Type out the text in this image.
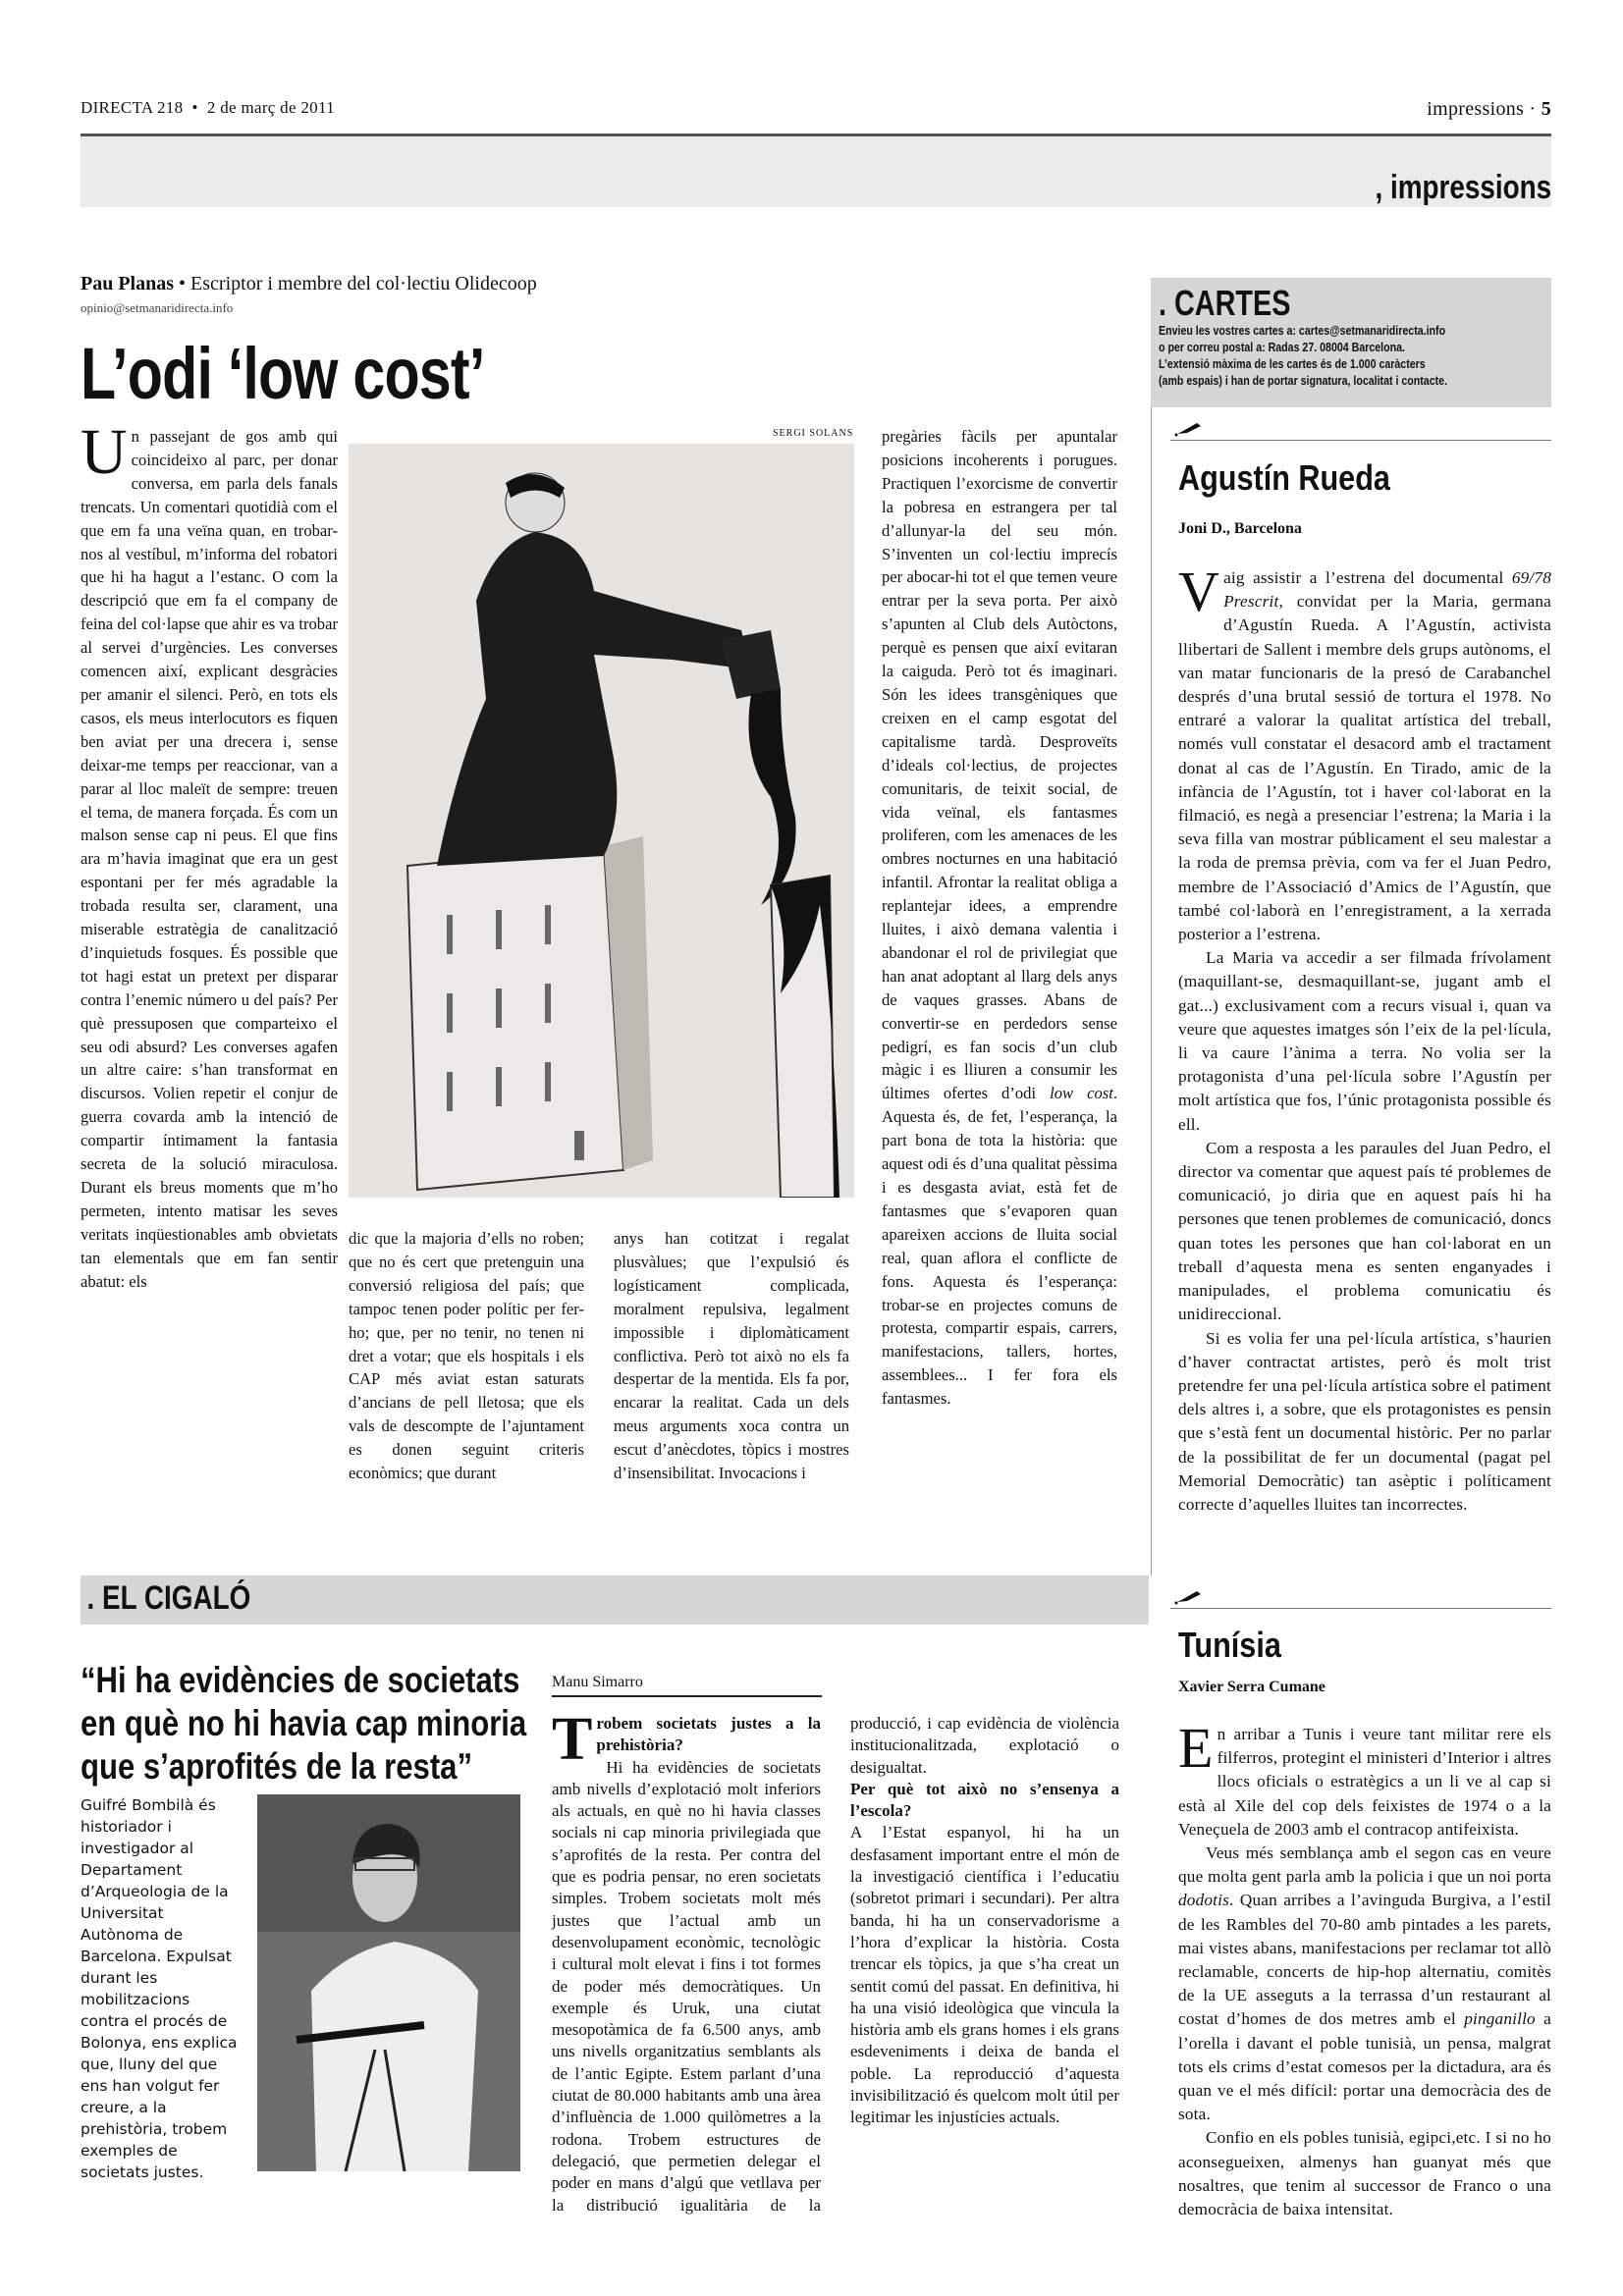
DIRECTA 218 • 2 de març de 2011	impressions · 5
, impressions
Pau Planas • Escriptor i membre del col·lectiu Olidecoop
opinio@setmanaridirecta.info
L’odi ‘low cost’

Un passejant de gos amb qui coincideixo al parc, per donar conversa, em parla dels fanals trencats. Un comentari quotidià com el que em fa una veïna quan, en trobar-nos al vestíbul, m’informa del robatori que hi ha hagut a l’estanc. O com la descripció que em fa el company de feina del col·lapse que ahir es va trobar al servei d’urgències. Les converses comencen així, explicant desgràcies per amanir el silenci. Però, en tots els casos, els meus interlocutors es fiquen ben aviat per una drecera i, sense deixar-me temps per reaccionar, van a parar al lloc maleït de sempre: treuen el tema, de manera forçada. És com un malson sense cap ni peus. El que fins ara m’havia imaginat que era un gest espontani per fer més agradable la trobada resulta ser, clarament, una miserable estratègia de canalització d’inquietuds fosques. És possible que tot hagi estat un pretext per disparar contra l’enemic número u del país? Per què pressuposen que comparteixo el seu odi absurd? Les converses agafen un altre caire: s’han transformat en discursos. Volien repetir el conjur de guerra covarda amb la intenció de compartir íntimament la fantasia secreta de la solució miraculosa. Durant els breus moments que m’ho permeten, intento matisar les seves veritats inqüestionables amb obvietats tan elementals que em fan sentir abatut: els

SERGI SOLANS
dic que la majoria d’ells no roben; que no és cert que pretenguin una conversió religiosa del país; que tampoc tenen poder polític per fer-ho; que, per no tenir, no tenen ni dret a votar; que els hospitals i els CAP més aviat estan saturats d’ancians de pell lletosa; que els vals de descompte de l’ajuntament es donen seguint criteris econòmics; que durant
anys han cotitzat i regalat plusvàlues; que l’expulsió és logísticament complicada, moralment repulsiva, legalment impossible i diplomàticament conflictiva. Però tot això no els fa despertar de la mentida. Els fa por, encarar la realitat. Cada un dels meus arguments xoca contra un escut d’anècdotes, tòpics i mostres d’insensibilitat. Invocacions i
pregàries fàcils per apuntalar posicions incoherents i porugues. Practiquen l’exorcisme de convertir la pobresa en estrangera per tal d’allunyar-la del seu món. S’inventen un col·lectiu imprecís per abocar-hi tot el que temen veure entrar per la seva porta. Per això s’apunten al Club dels Autòctons, perquè es pensen que així evitaran la caiguda. Però tot és imaginari. Són les idees transgèniques que creixen en el camp esgotat del capitalisme tardà. Desproveïts d’ideals col·lectius, de projectes comunitaris, de teixit social, de vida veïnal, els fantasmes proliferen, com les amenaces de les ombres nocturnes en una habitació infantil. Afrontar la realitat obliga a replantejar idees, a emprendre lluites, i això demana valentia i abandonar el rol de privilegiat que han anat adoptant al llarg dels anys de vaques grasses. Abans de convertir-se en perdedors sense pedigrí, es fan socis d’un club màgic i es lliuren a consumir les últimes ofertes d’odi low cost. Aquesta és, de fet, l’esperança, la part bona de tota la història: que aquest odi és d’una qualitat pèssima i es desgasta aviat, està fet de fantasmes que s’evaporen quan apareixen accions de lluita social real, quan aflora el conflicte de fons. Aquesta és l’esperança: trobar-se en projectes comuns de protesta, compartir espais, carrers, manifestacions, tallers, hortes, assemblees... I fer fora els fantasmes.
. CARTES

Envieu les vostres cartes a: cartes@setmanaridirecta.info

o per correu postal a: Radas 27. 08004 Barcelona.

L’extensió màxima de les cartes és de 1.000 caràcters

(amb espais) i han de portar signatura, localitat i contacte.

Agustín Rueda
Joni D., Barcelona

Vaig assistir a l’estrena del documental 69/78 Prescrit, convidat per la Maria, germana d’Agustín Rueda. A l’Agustín, activista llibertari de Sallent i membre dels grups autònoms, el van matar funcionaris de la presó de Carabanchel després d’una brutal sessió de tortura el 1978. No entraré a valorar la qualitat artística del treball, només vull constatar el desacord amb el tractament donat al cas de l’Agustín. En Tirado, amic de la infància de l’Agustín, tot i haver col·laborat en la filmació, es negà a presenciar l’estrena; la Maria i la seva filla van mostrar públicament el seu malestar a la roda de premsa prèvia, com va fer el Juan Pedro, membre de l’Associació d’Amics de l’Agustín, que també col·laborà en l’enregistrament, a la xerrada posterior a l’estrena.

La Maria va accedir a ser filmada frívolament (maquillant-se, desmaquillant-se, jugant amb el gat...) exclusivament com a recurs visual i, quan va veure que aquestes imatges són l’eix de la pel·lícula, li va caure l’ànima a terra. No volia ser la protagonista d’una pel·lícula sobre l’Agustín per molt artística que fos, l’únic protagonista possible és ell.

Com a resposta a les paraules del Juan Pedro, el director va comentar que aquest país té problemes de comunicació, jo diria que en aquest país hi ha persones que tenen problemes de comunicació, doncs quan totes les persones que han col·laborat en un treball d’aquesta mena es senten enganyades i manipulades, el problema comunicatiu és unidireccional.

Si es volia fer una pel·lícula artística, s’haurien d’haver contractat artistes, però és molt trist pretendre fer una pel·lícula artística sobre el patiment dels altres i, a sobre, que els protagonistes es pensin que s’està fent un documental històric. Per no parlar de la possibilitat de fer un documental (pagat pel Memorial Democràtic) tan asèptic i políticament correcte d’aquelles lluites tan incorrectes.

Tunísia
Xavier Serra Cumane

En arribar a Tunis i veure tant militar rere els filferros, protegint el ministeri d’Interior i altres llocs oficials o estratègics a un li ve al cap si està al Xile del cop dels feixistes de 1974 o a la Veneçuela de 2003 amb el contracop antifeixista.

Veus més semblança amb el segon cas en veure que molta gent parla amb la policia i que un noi porta dodotis. Quan arribes a l’avinguda Burgiva, a l’estil de les Rambles del 70-80 amb pintades a les parets, mai vistes abans, manifestacions per reclamar tot allò reclamable, concerts de hip-hop alternatiu, comitès de la UE asseguts a la terrassa d’un restaurant al costat d’homes de dos metres amb el pinganillo a l’orella i davant el poble tunisià, un pensa, malgrat tots els crims d’estat comesos per la dictadura, ara és quan ve el més difícil: portar una democràcia des de sota.

Confio en els pobles tunisià, egipci,etc. I si no ho aconsegueixen, almenys han guanyat més que nosaltres, que tenim al successor de Franco o una democràcia de baixa intensitat.

. EL CIGALÓ
“Hi ha evidències de societats en què no hi havia cap minoria que s’aprofités de la resta”
Guifré Bombilà és historiador i investigador al Departament d’Arqueologia de la Universitat Autònoma de Barcelona. Expulsat durant les mobilitzacions contra el procés de Bolonya, ens explica que, lluny del que ens han volgut fer creure, a la prehistòria, trobem exemples de societats justes.
Manu Simarro
Trobem societats justes a la prehistòria?

Hi ha evidències de societats amb nivells d’explotació molt inferiors als actuals, en què no hi havia classes socials ni cap minoria privilegiada que s’aprofités de la resta. Per contra del que es podria pensar, no eren societats simples. Trobem societats molt més justes que l’actual amb un desenvolupament econòmic, tecnològic i cultural molt elevat i fins i tot formes de poder més democràtiques. Un exemple és Uruk, una ciutat mesopotàmica de fa 6.500 anys, amb uns nivells organitzatius semblants als de l’antic Egipte. Estem parlant d’una ciutat de 80.000 habitants amb una àrea d’influència de 1.000 quilòmetres a la rodona. Trobem estructures de delegació, que permetien delegar el poder en mans d’algú que vetllava per la distribució igualitària de la producció, i cap evidència de violència institucionalitzada, explotació o desigualtat.

Per què tot això no s’ensenya a l’escola?

A l’Estat espanyol, hi ha un desfasament important entre el món de la investigació científica i l’educatiu (sobretot primari i secundari). Per altra banda, hi ha un conservadorisme a l’hora d’explicar la història. Costa trencar els tòpics, ja que s’ha creat un sentit comú del passat. En definitiva, hi ha una visió ideològica que vincula la història amb els grans homes i els grans esdeveniments i deixa de banda el poble. La reproducció d’aquesta invisibilització és quelcom molt útil per legitimar les injustícies actuals.
